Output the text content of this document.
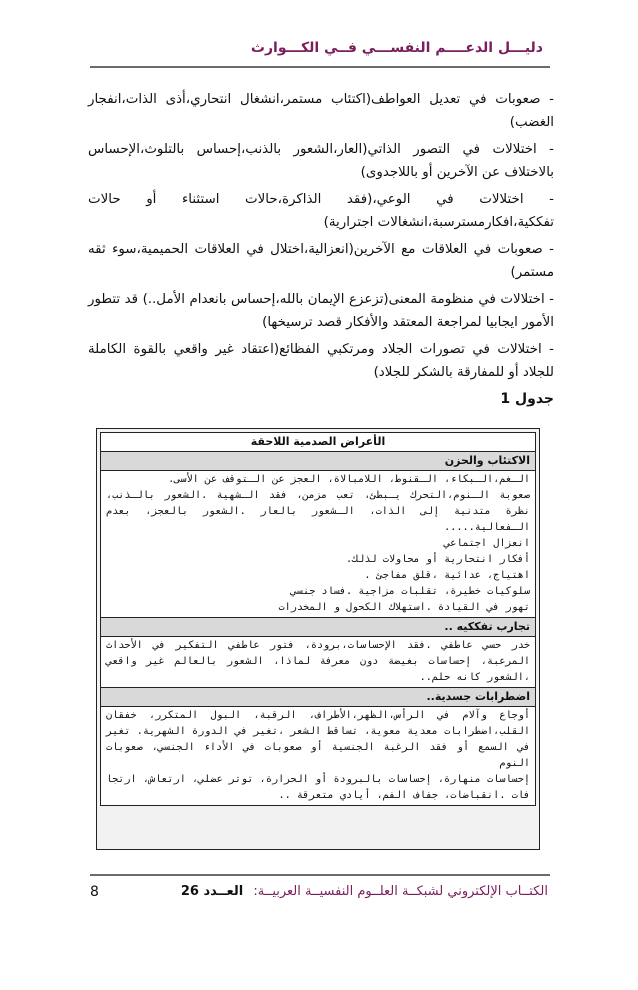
دليـــل الدعــــم النفســـي فــي الكـــوارث

- صعوبات في تعديل العواطف(اكتئاب مستمر،انشغال انتحاري،أذى الذات،انفجار الغضب)

- اختلالات في التصور الذاتي(العار،الشعور بالذنب،إحساس بالتلوث،الإحساس بالاختلاف عن الآخرين أو باللاجدوى)

- اختلالات في الوعي،(فقد الذاكرة،حالات استثناء أو حالات تفككية،افكارمسترسبة،انشغالات اجترارية)

- صعوبات في العلاقات مع الآخرين(انعزالية،اختلال في العلاقات الحميمية،سوء ثقه مستمر)

- اختلالات في منظومة المعنى(تزعزع الإيمان بالله،إحساس بانعدام الأمل..) قد تتطور الأمور ايجابيا لمراجعة المعتقد والأفكار قصد ترسيخها)

- اختلالات في تصورات الجلاد ومرتكبي الفظائع(اعتقاد غير واقعي بالقوة الكاملة للجلاد أو للمفارقة بالشكر للجلاد)

جدول 1
الأعراض الصدمية اللاحقة
الاكتئاب والحزن

الـغم،الـبكاء، الـقنوط، اللامبالاة، العجز عن الـتوقف عن الأسى.
صعوبة الـنوم،التحرك يـبطئ، تعب مزمن، فقد الـشهية .الشعور بالـذنب، نظرة متدنية إلى الذات، الـشعور بالعار .الشعور بالعجز، بعدم الـفعالية.....
انعزال اجتماعي
أفكار انتحارية أو محاولات لذلك.
اهتياج، عدائية ،قلق مفاجئ .
سلوكيات خطيرة، تقلبات مزاجية .فساد جنسي
تهور في القيادة .استهلاك الكحول و المخدرات

تجارب تفككيه ..

خدر حسي عاطفي .فقد الإحساسات،برودة، فتور عاطفي التفكير في الأحداث المرعبة، إحساسات بغيضة دون معرفة لماذا، الشعور بالعالم غير واقعي ،الشعور كانه حلم..

اضطرابات جسدية..

أوجاع وآلام في الرأس،الظهر،الأطراف، الرقبة، البول المتكرر، خفقان القلب،اضطرابات معدية معوية، تساقط الشعر ،تغير في الدورة الشهرية. تغير في السمع أو فقد الرغبة الجنسية أو صعوبات في الأداء الجنسي، صعوبات النوم
إحساسات منهارة، إحساسات بالبرودة أو الحرارة، توتر عضلي، ارتعاش، ارتجا فات .انقباضات، جفاف الفم، أيادي متعرقة ..
8	الكتــاب الإلكتروني لشبكــة العلــوم النفسيــة العربيــة: العــدد 26
